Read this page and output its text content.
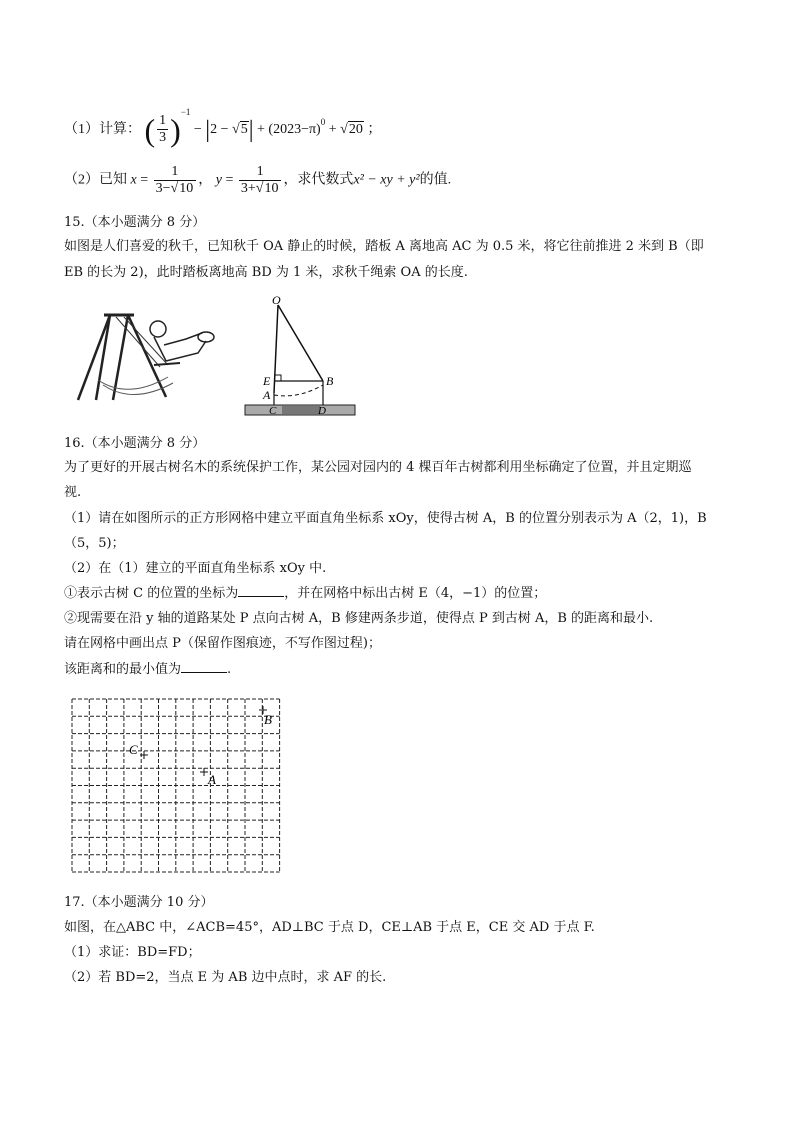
（1）计算： ( $\frac{1}{3} )^{-1} - |2 - √5| + (2023-\pi)^0 + √20$ ；
（2）已知 $x = \frac{1}{3-√10}$ ， $y = \frac{1}{3+√10}$ ，求代数式x² − xy + y²的值.
15.（本小题满分 8 分）
如图是人们喜爱的秋千，已知秋千 OA 静止的时候，踏板 A 离地高 AC 为 0.5 米，将它往前推进 2 米到 B（即
EB 的长为 2)，此时踏板离地高 BD 为 1 米，求秋千绳索 OA 的长度.
O
E
A
B
C	D
16.（本小题满分 8 分）
为了更好的开展古树名木的系统保护工作，某公园对园内的 4 棵百年古树都利用坐标确定了位置，并且定期巡
视.
（1）请在如图所示的正方形网格中建立平面直角坐标系 xOy，使得古树 A，B 的位置分别表示为 A（2，1)，B
（5，5)；
（2）在（1）建立的平面直角坐标系 xOy 中.
①表示古树 C 的位置的坐标为	，并在网格中标出古树 E（4，−1）的位置；
②现需要在沿 y 轴的道路某处 P 点向古树 A，B 修建两条步道，使得点 P 到古树 A，B 的距离和最小.
请在网格中画出点 P（保留作图痕迹，不写作图过程)；
该距离和的最小值为	.
B
C
A
17.（本小题满分 10 分）
如图，在△ABC 中，∠ACB=45°，AD⊥BC 于点 D，CE⊥AB 于点 E，CE 交 AD 于点 F.
（1）求证：BD=FD；
（2）若 BD=2，当点 E 为 AB 边中点时，求 AF 的长.
